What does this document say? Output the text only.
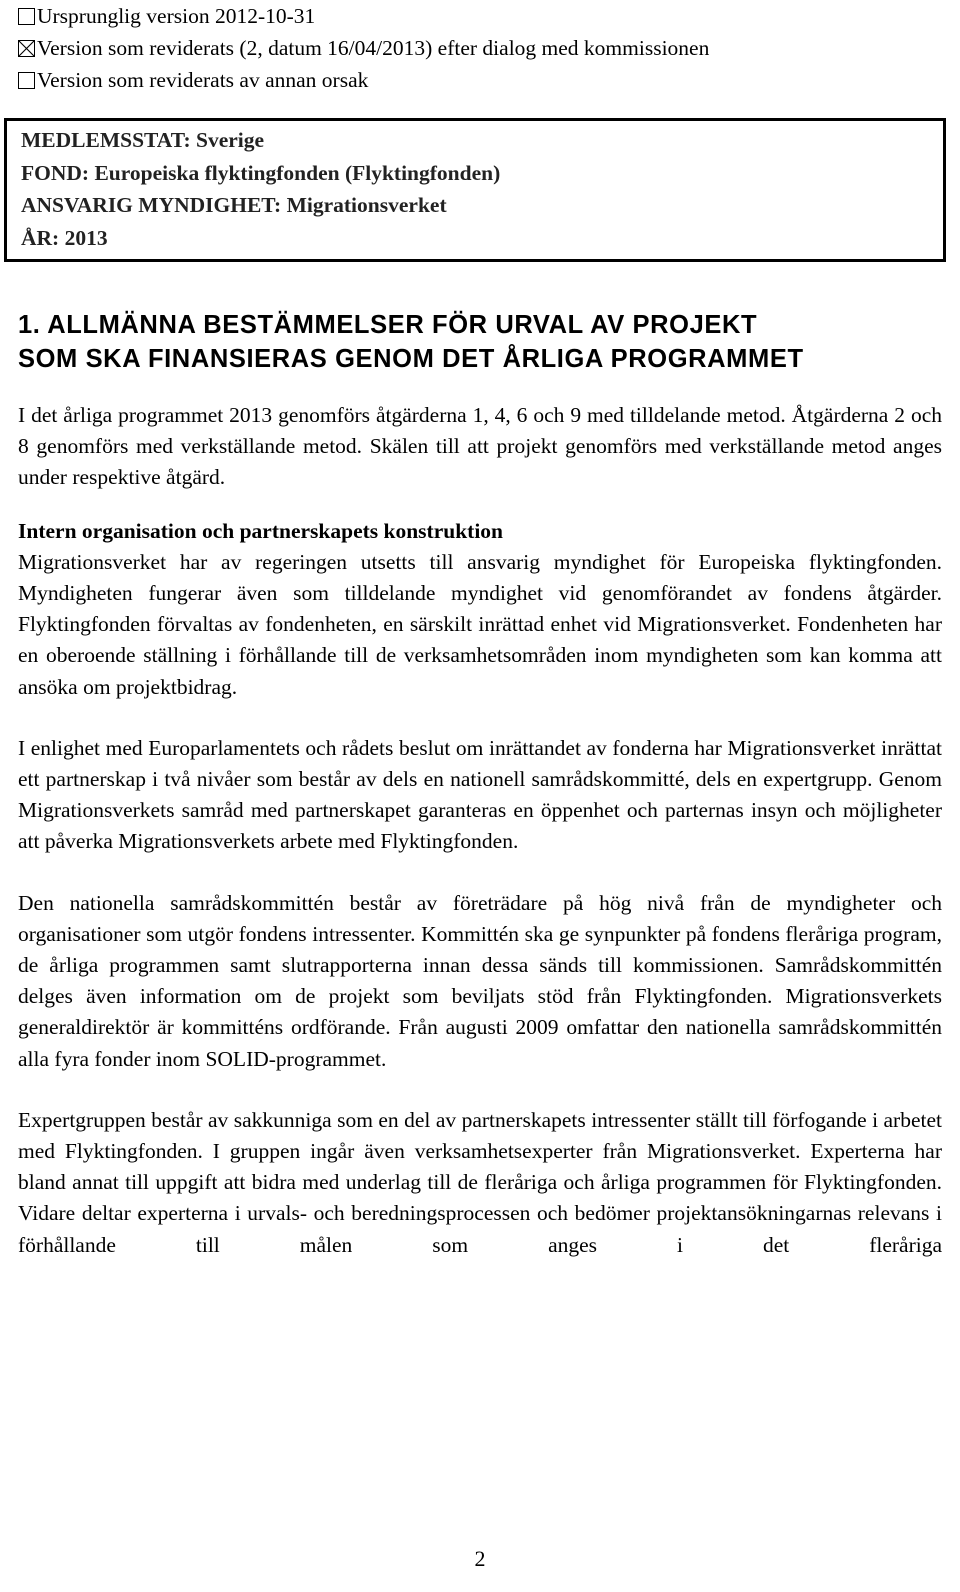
Ursprunglig version 2012-10-31
Version som reviderats (2, datum 16/04/2013) efter dialog med kommissionen
Version som reviderats av annan orsak
MEDLEMSSTAT: Sverige
FOND: Europeiska flyktingfonden (Flyktingfonden)
ANSVARIG MYNDIGHET: Migrationsverket
ÅR: 2013
1. ALLMÄNNA BESTÄMMELSER FÖR URVAL AV PROJEKT
SOM SKA FINANSIERAS GENOM DET ÅRLIGA PROGRAMMET

I det årliga programmet 2013 genomförs åtgärderna 1, 4, 6 och 9 med tilldelande metod. Åtgärderna 2 och 8 genomförs med verkställande metod. Skälen till att projekt genomförs med verkställande metod anges under respektive åtgärd.

Intern organisation och partnerskapets konstruktion

Migrationsverket har av regeringen utsetts till ansvarig myndighet för Europeiska flyktingfonden. Myndigheten fungerar även som tilldelande myndighet vid genomförandet av fondens åtgärder. Flyktingfonden förvaltas av fondenheten, en särskilt inrättad enhet vid Migrationsverket. Fondenheten har en oberoende ställning i förhållande till de verksamhetsområden inom myndigheten som kan komma att ansöka om projektbidrag.

I enlighet med Europarlamentets och rådets beslut om inrättandet av fonderna har Migrationsverket inrättat ett partnerskap i två nivåer som består av dels en nationell samrådskommitté, dels en expertgrupp. Genom Migrationsverkets samråd med partnerskapet garanteras en öppenhet och parternas insyn och möjligheter att påverka Migrationsverkets arbete med Flyktingfonden.

Den nationella samrådskommittén består av företrädare på hög nivå från de myndigheter och organisationer som utgör fondens intressenter. Kommittén ska ge synpunkter på fondens fleråriga program, de årliga programmen samt slutrapporterna innan dessa sänds till kommissionen. Samrådskommittén delges även information om de projekt som beviljats stöd från Flyktingfonden. Migrationsverkets generaldirektör är kommitténs ordförande. Från augusti 2009 omfattar den nationella samrådskommittén alla fyra fonder inom SOLID-programmet.

Expertgruppen består av sakkunniga som en del av partnerskapets intressenter ställt till förfogande i arbetet med Flyktingfonden. I gruppen ingår även verksamhetsexperter från Migrationsverket. Experterna har bland annat till uppgift att bidra med underlag till de fleråriga och årliga programmen för Flyktingfonden. Vidare deltar experterna i urvals- och beredningsprocessen och bedömer projektansökningarnas relevans i förhållande till målen som anges i det fleråriga

2
